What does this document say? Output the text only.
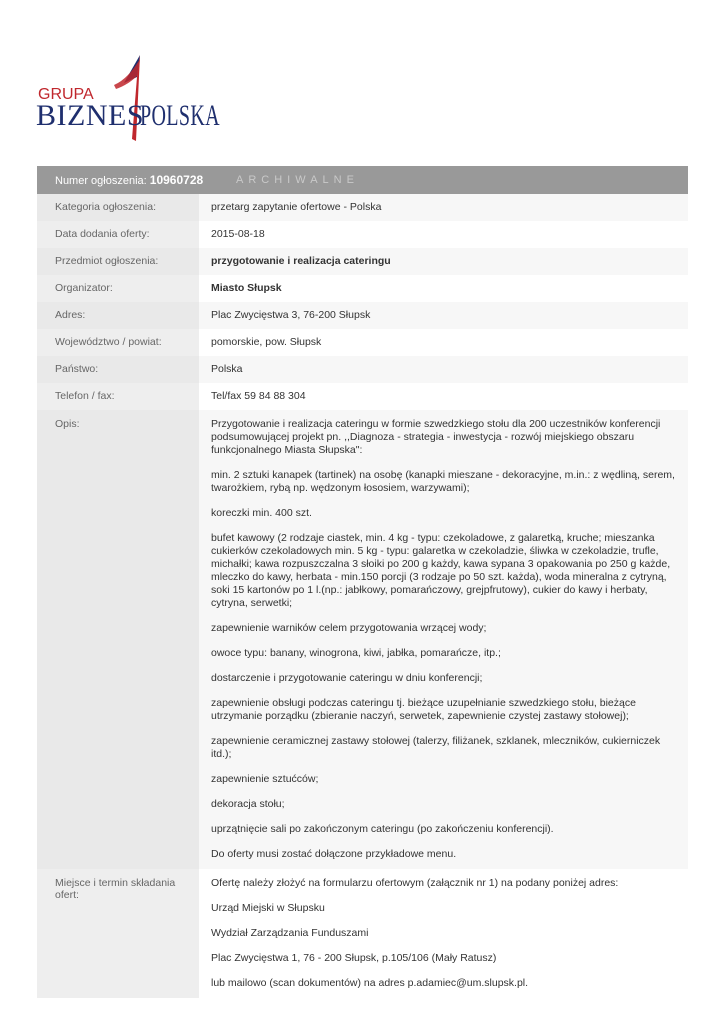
GRUPA
BIZNES
POLSKA
Numer ogłoszenia: 10960728	ARCHIWALNE
Kategoria ogłoszenia:	przetarg zapytanie ofertowe - Polska
Data dodania oferty:	2015-08-18
Przedmiot ogłoszenia:	przygotowanie i realizacja cateringu
Organizator:	Miasto Słupsk
Adres:	Plac Zwycięstwa 3, 76-200 Słupsk
Województwo / powiat:	pomorskie, pow. Słupsk
Państwo:	Polska
Telefon / fax:	Tel/fax 59 84 88 304
Opis:	Przygotowanie i realizacja cateringu w formie szwedzkiego stołu dla 200 uczestników konferencji podsumowującej projekt pn. ,,Diagnoza - strategia - inwestycja - rozwój miejskiego obszaru funkcjonalnego Miasta Słupska":

min. 2 sztuki kanapek (tartinek) na osobę (kanapki mieszane - dekoracyjne, m.in.: z wędliną, serem, twarożkiem, rybą np. wędzonym łososiem, warzywami);

koreczki min. 400 szt.

bufet kawowy (2 rodzaje ciastek, min. 4 kg - typu: czekoladowe, z galaretką, kruche; mieszanka cukierków czekoladowych min. 5 kg - typu: galaretka w czekoladzie, śliwka w czekoladzie, trufle, michałki; kawa rozpuszczalna 3 słoiki po 200 g każdy, kawa sypana 3 opakowania po 250 g każde, mleczko do kawy, herbata - min.150 porcji (3 rodzaje po 50 szt. każda), woda mineralna z cytryną, soki 15 kartonów po 1 l.(np.: jabłkowy, pomarańczowy, grejpfrutowy), cukier do kawy i herbaty, cytryna, serwetki;

zapewnienie warników celem przygotowania wrzącej wody;

owoce typu: banany, winogrona, kiwi, jabłka, pomarańcze, itp.;

dostarczenie i przygotowanie cateringu w dniu konferencji;

zapewnienie obsługi podczas cateringu tj. bieżące uzupełnianie szwedzkiego stołu, bieżące utrzymanie porządku (zbieranie naczyń, serwetek, zapewnienie czystej zastawy stołowej);

zapewnienie ceramicznej zastawy stołowej (talerzy, filiżanek, szklanek, mleczników, cukierniczek itd.);

zapewnienie sztućców;

dekoracja stołu;

uprzątnięcie sali po zakończonym cateringu (po zakończeniu konferencji).

Do oferty musi zostać dołączone przykładowe menu.

Miejsce i termin składania ofert:

Ofertę należy złożyć na formularzu ofertowym (załącznik nr 1) na podany poniżej adres:

Urząd Miejski w Słupsku

Wydział Zarządzania Funduszami

Plac Zwycięstwa 1, 76 - 200 Słupsk, p.105/106 (Mały Ratusz)

lub mailowo (scan dokumentów) na adres p.adamiec@um.slupsk.pl.
